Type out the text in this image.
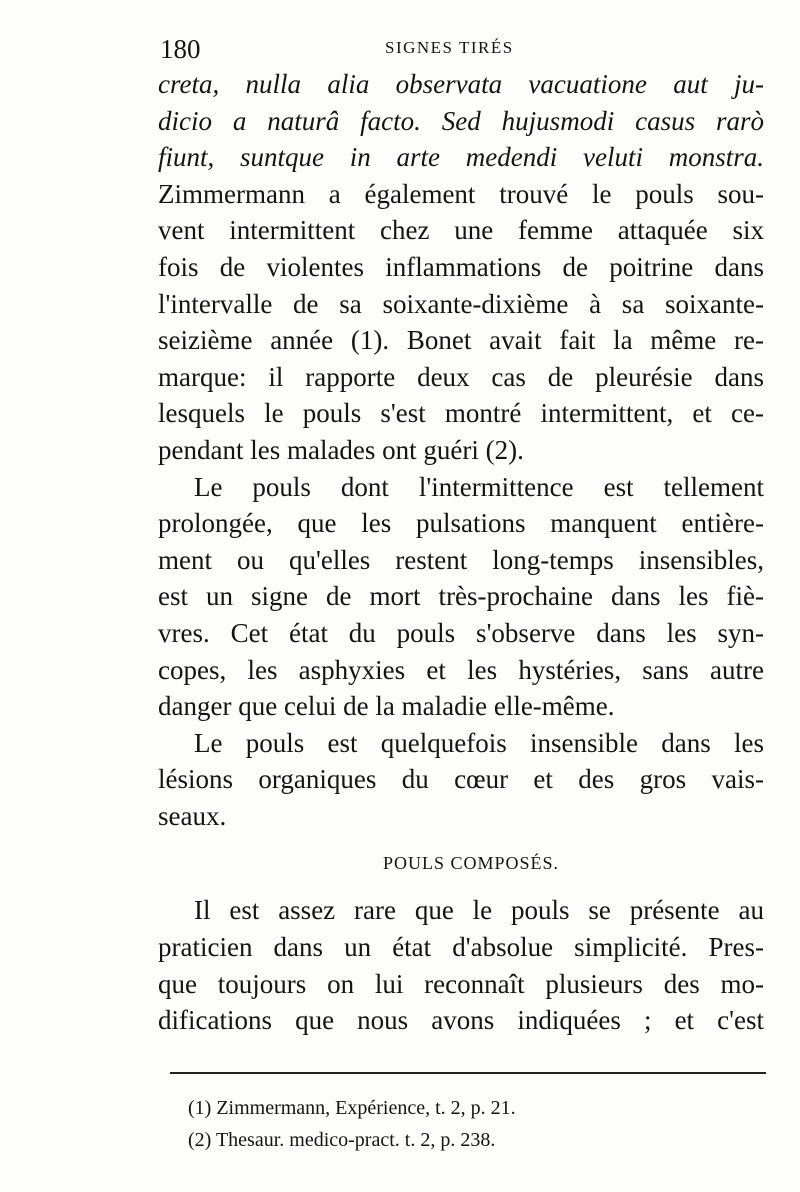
180	SIGNES TIRÉS
creta, nulla alia observata vacuatione aut ju-
dicio a naturâ facto. Sed hujusmodi casus rarò
fiunt, suntque in arte medendi veluti monstra.
Zimmermann a également trouvé le pouls sou-
vent intermittent chez une femme attaquée six
fois de violentes inflammations de poitrine dans
l'intervalle de sa soixante-dixième à sa soixante-
seizième année (1). Bonet avait fait la même re-
marque: il rapporte deux cas de pleurésie dans
lesquels le pouls s'est montré intermittent, et ce-
pendant les malades ont guéri (2).
Le pouls dont l'intermittence est tellement
prolongée, que les pulsations manquent entière-
ment ou qu'elles restent long-temps insensibles,
est un signe de mort très-prochaine dans les fiè-
vres. Cet état du pouls s'observe dans les syn-
copes, les asphyxies et les hystéries, sans autre
danger que celui de la maladie elle-même.
Le pouls est quelquefois insensible dans les
lésions organiques du cœur et des gros vais-
seaux.
POULS COMPOSÉS.
Il est assez rare que le pouls se présente au
praticien dans un état d'absolue simplicité. Pres-
que toujours on lui reconnaît plusieurs des mo-
difications que nous avons indiquées ; et c'est
(1) Zimmermann, Expérience, t. 2, p. 21.
(2) Thesaur. medico-pract. t. 2, p. 238.
